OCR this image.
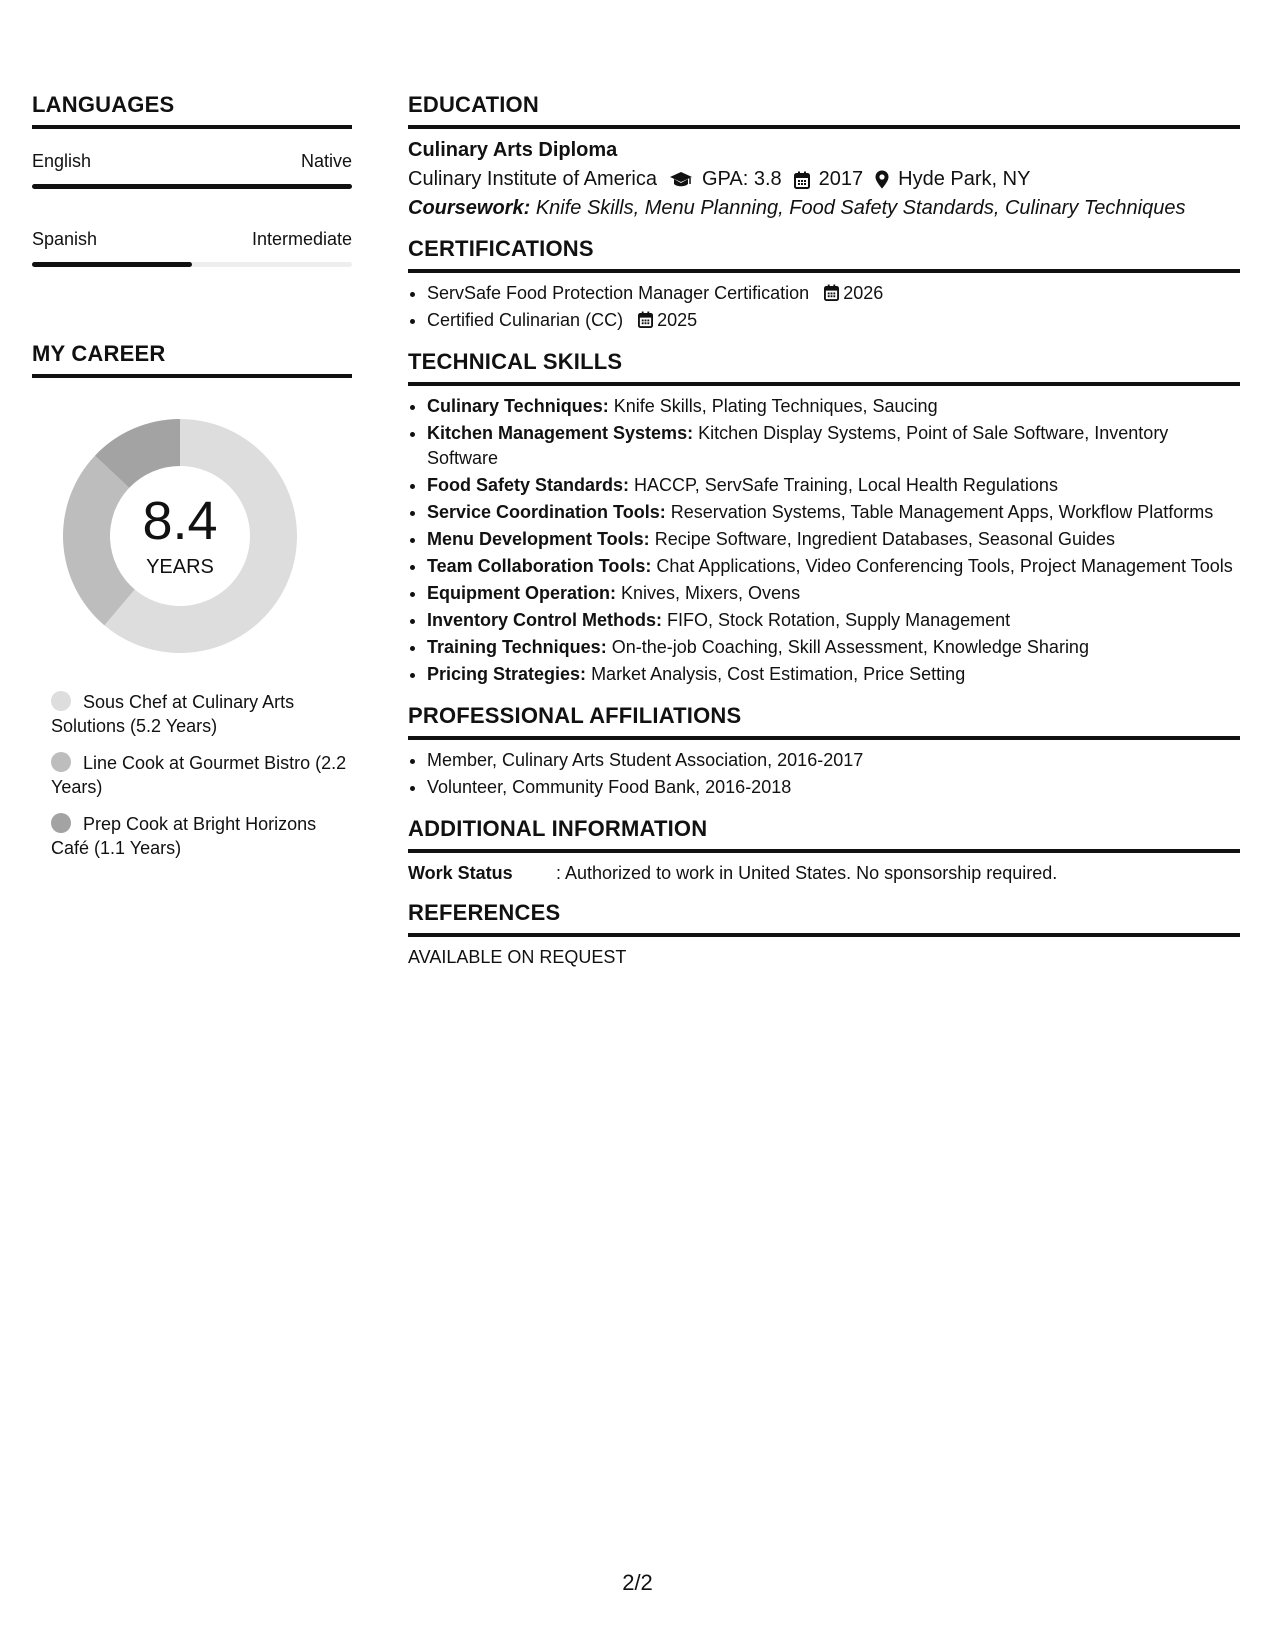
LANGUAGES
English	Native
Spanish	Intermediate
MY CAREER
8.4
YEARS
Sous Chef at Culinary Arts Solutions (5.2 Years)
Line Cook at Gourmet Bistro (2.2 Years)
Prep Cook at Bright Horizons Café (1.1 Years)
EDUCATION
Culinary Arts Diploma
Culinary Institute of America GPA: 3.8 2017 Hyde Park, NY
Coursework: Knife Skills, Menu Planning, Food Safety Standards, Culinary Techniques
CERTIFICATIONS
• ServSafe Food Protection Manager Certification 2026
• Certified Culinarian (CC) 2025
TECHNICAL SKILLS
• Culinary Techniques: Knife Skills, Plating Techniques, Saucing
• Kitchen Management Systems: Kitchen Display Systems, Point of Sale Software, Inventory Software
• Food Safety Standards: HACCP, ServSafe Training, Local Health Regulations
• Service Coordination Tools: Reservation Systems, Table Management Apps, Workflow Platforms
• Menu Development Tools: Recipe Software, Ingredient Databases, Seasonal Guides
• Team Collaboration Tools: Chat Applications, Video Conferencing Tools, Project Management Tools
• Equipment Operation: Knives, Mixers, Ovens
• Inventory Control Methods: FIFO, Stock Rotation, Supply Management
• Training Techniques: On-the-job Coaching, Skill Assessment, Knowledge Sharing
• Pricing Strategies: Market Analysis, Cost Estimation, Price Setting
PROFESSIONAL AFFILIATIONS
• Member, Culinary Arts Student Association, 2016-2017
• Volunteer, Community Food Bank, 2016-2018
ADDITIONAL INFORMATION
Work Status	: Authorized to work in United States. No sponsorship required.
REFERENCES
AVAILABLE ON REQUEST
2/2
